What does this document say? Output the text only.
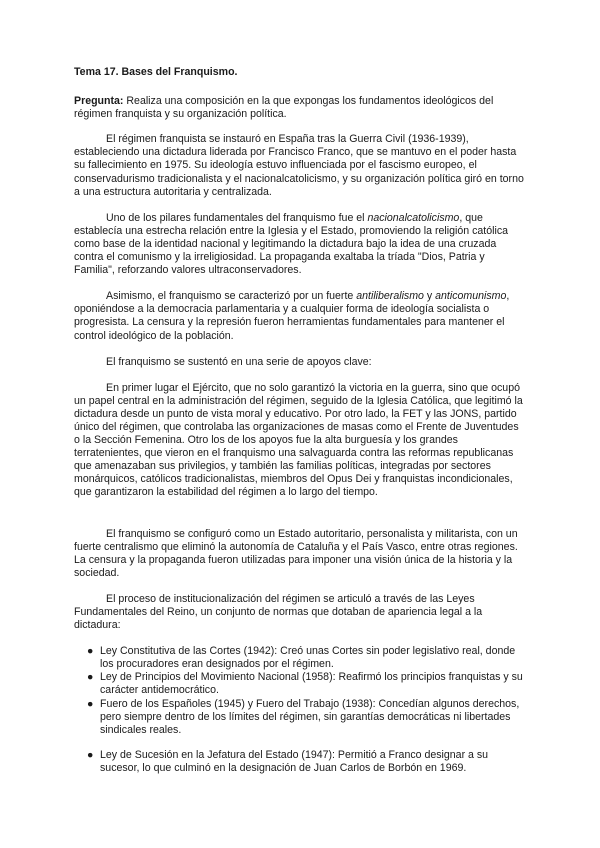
Tema 17. Bases del Franquismo.
Pregunta: Realiza una composición en la que expongas los fundamentos ideológicos del régimen franquista y su organización política.

El régimen franquista se instauró en España tras la Guerra Civil (1936-1939), estableciendo una dictadura liderada por Francisco Franco, que se mantuvo en el poder hasta su fallecimiento en 1975. Su ideología estuvo influenciada por el fascismo europeo, el conservadurismo tradicionalista y el nacionalcatolicismo, y su organización política giró en torno a una estructura autoritaria y centralizada.

Uno de los pilares fundamentales del franquismo fue el nacionalcatolicismo, que establecía una estrecha relación entre la Iglesia y el Estado, promoviendo la religión católica como base de la identidad nacional y legitimando la dictadura bajo la idea de una cruzada contra el comunismo y la irreligiosidad. La propaganda exaltaba la tríada "Dios, Patria y Familia", reforzando valores ultraconservadores.

Asimismo, el franquismo se caracterizó por un fuerte antiliberalismo y anticomunismo, oponiéndose a la democracia parlamentaria y a cualquier forma de ideología socialista o progresista. La censura y la represión fueron herramientas fundamentales para mantener el control ideológico de la población.

El franquismo se sustentó en una serie de apoyos clave:

En primer lugar el Ejército, que no solo garantizó la victoria en la guerra, sino que ocupó un papel central en la administración del régimen, seguido de la Iglesia Católica, que legitimó la dictadura desde un punto de vista moral y educativo. Por otro lado, la FET y las JONS, partido único del régimen, que controlaba las organizaciones de masas como el Frente de Juventudes o la Sección Femenina. Otro los de los apoyos fue la alta burguesía y los grandes terratenientes, que vieron en el franquismo una salvaguarda contra las reformas republicanas que amenazaban sus privilegios, y también las familias políticas, integradas por sectores monárquicos, católicos tradicionalistas, miembros del Opus Dei y franquistas incondicionales, que garantizaron la estabilidad del régimen a lo largo del tiempo.

El franquismo se configuró como un Estado autoritario, personalista y militarista, con un fuerte centralismo que eliminó la autonomía de Cataluña y el País Vasco, entre otras regiones. La censura y la propaganda fueron utilizadas para imponer una visión única de la historia y la sociedad.

El proceso de institucionalización del régimen se articuló a través de las Leyes Fundamentales del Reino, un conjunto de normas que dotaban de apariencia legal a la dictadura:

● Ley Constitutiva de las Cortes (1942): Creó unas Cortes sin poder legislativo real, donde los procuradores eran designados por el régimen.
● Ley de Principios del Movimiento Nacional (1958): Reafirmó los principios franquistas y su carácter antidemocrático.
● Fuero de los Españoles (1945) y Fuero del Trabajo (1938): Concedían algunos derechos, pero siempre dentro de los límites del régimen, sin garantías democráticas ni libertades sindicales reales.
● Ley de Sucesión en la Jefatura del Estado (1947): Permitió a Franco designar a su sucesor, lo que culminó en la designación de Juan Carlos de Borbón en 1969.
